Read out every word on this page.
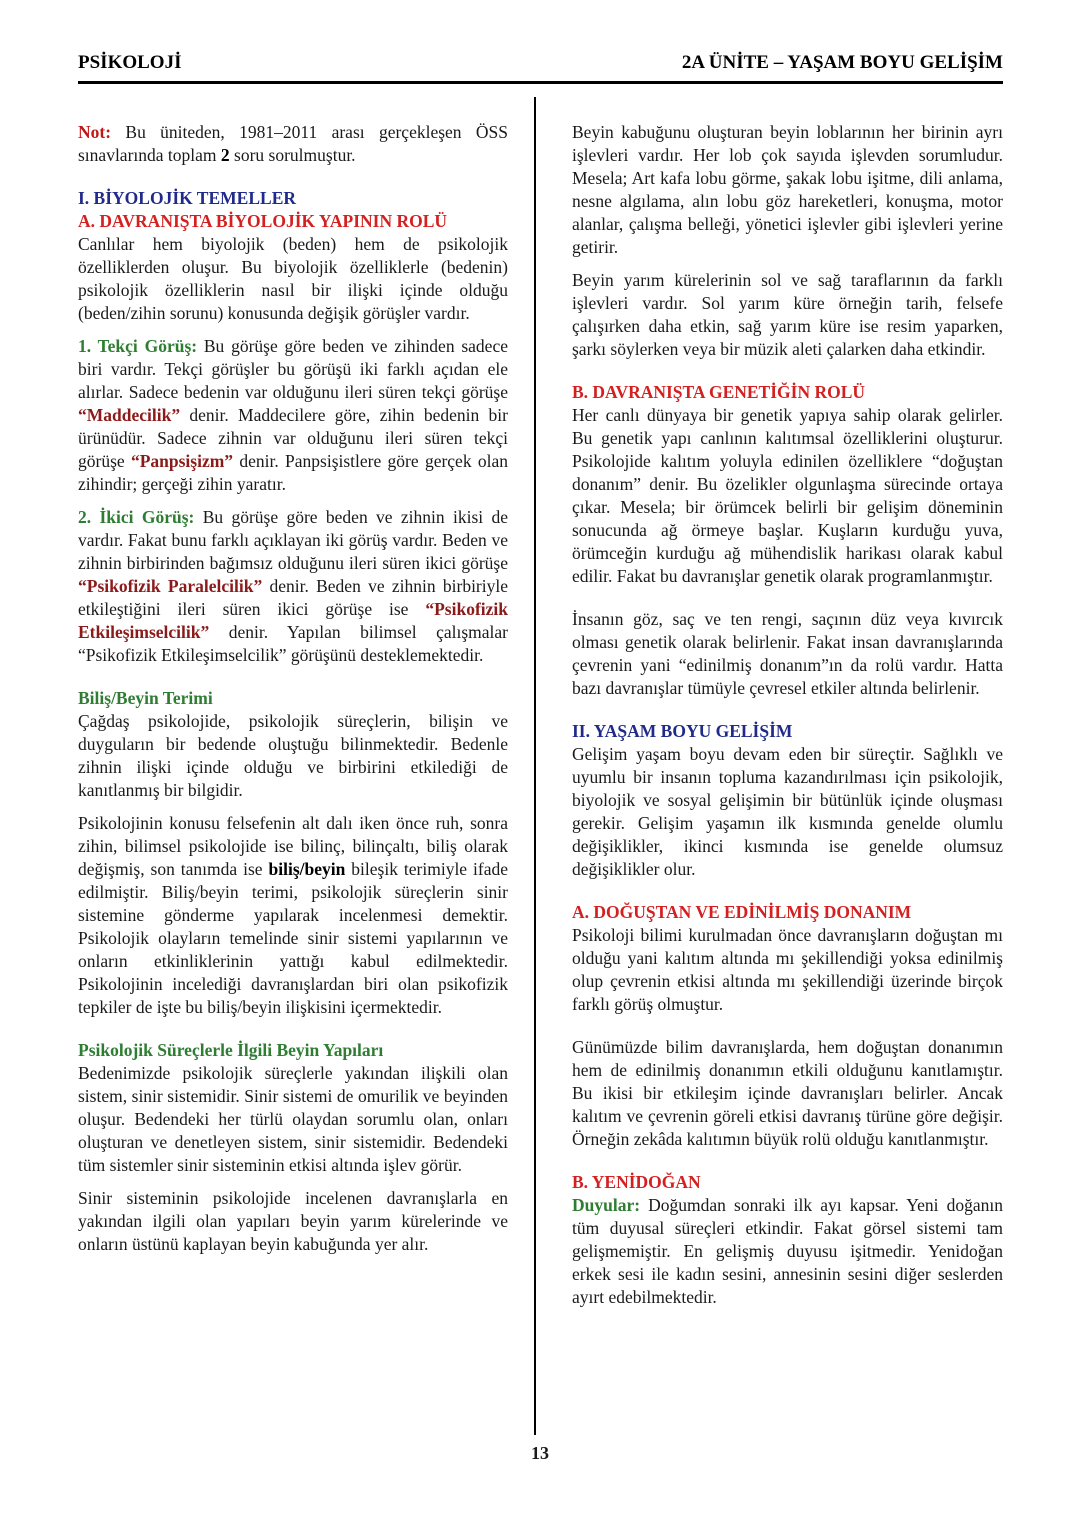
PSİKOLOJİ	2A ÜNİTE – YAŞAM BOYU GELİŞİM

Not: Bu üniteden, 1981–2011 arası gerçekleşen ÖSS sınavlarında toplam 2 soru sorulmuştur.

I. BİYOLOJİK TEMELLER
A. DAVRANIŞTA BİYOLOJİK YAPININ ROLÜ

Canlılar hem biyolojik (beden) hem de psikolojik özelliklerden oluşur. Bu biyolojik özelliklerle (bedenin) psikolojik özelliklerin nasıl bir ilişki içinde olduğu (beden/zihin sorunu) konusunda değişik görüşler vardır.

1. Tekçi Görüş: Bu görüşe göre beden ve zihinden sadece biri vardır. Tekçi görüşler bu görüşü iki farklı açıdan ele alırlar. Sadece bedenin var olduğunu ileri süren tekçi görüşe “Maddecilik” denir. Maddecilere göre, zihin bedenin bir ürünüdür. Sadece zihnin var olduğunu ileri süren tekçi görüşe “Panpsişizm” denir. Panpsişistlere göre gerçek olan zihindir; gerçeği zihin yaratır.

2. İkici Görüş: Bu görüşe göre beden ve zihnin ikisi de vardır. Fakat bunu farklı açıklayan iki görüş vardır. Beden ve zihnin birbirinden bağımsız olduğunu ileri süren ikici görüşe “Psikofizik Paralelcilik” denir. Beden ve zihnin birbiriyle etkileştiğini ileri süren ikici görüşe ise “Psikofizik Etkileşimselcilik” denir. Yapılan bilimsel çalışmalar “Psikofizik Etkileşimselcilik” görüşünü desteklemektedir.

Biliş/Beyin Terimi

Çağdaş psikolojide, psikolojik süreçlerin, bilişin ve duyguların bir bedende oluştuğu bilinmektedir. Bedenle zihnin ilişki içinde olduğu ve birbirini etkilediği de kanıtlanmış bir bilgidir.

Psikolojinin konusu felsefenin alt dalı iken önce ruh, sonra zihin, bilimsel psikolojide ise bilinç, bilinçaltı, biliş olarak değişmiş, son tanımda ise biliş/beyin bileşik terimiyle ifade edilmiştir. Biliş/beyin terimi, psikolojik süreçlerin sinir sistemine gönderme yapılarak incelenmesi demektir. Psikolojik olayların temelinde sinir sistemi yapılarının ve onların etkinliklerinin yattığı kabul edilmektedir. Psikolojinin incelediği davranışlardan biri olan psikofizik tepkiler de işte bu biliş/beyin ilişkisini içermektedir.

Psikolojik Süreçlerle İlgili Beyin Yapıları

Bedenimizde psikolojik süreçlerle yakından ilişkili olan sistem, sinir sistemidir. Sinir sistemi de omurilik ve beyinden oluşur. Bedendeki her türlü olaydan sorumlu olan, onları oluşturan ve denetleyen sistem, sinir sistemidir. Bedendeki tüm sistemler sinir sisteminin etkisi altında işlev görür.

Sinir sisteminin psikolojide incelenen davranışlarla en yakından ilgili olan yapıları beyin yarım kürelerinde ve onların üstünü kaplayan beyin kabuğunda yer alır.

Beyin kabuğunu oluşturan beyin loblarının her birinin ayrı işlevleri vardır. Her lob çok sayıda işlevden sorumludur. Mesela; Art kafa lobu görme, şakak lobu işitme, dili anlama, nesne algılama, alın lobu göz hareketleri, konuşma, motor alanlar, çalışma belleği, yönetici işlevler gibi işlevleri yerine getirir.

Beyin yarım kürelerinin sol ve sağ taraflarının da farklı işlevleri vardır. Sol yarım küre örneğin tarih, felsefe çalışırken daha etkin, sağ yarım küre ise resim yaparken, şarkı söylerken veya bir müzik aleti çalarken daha etkindir.

B. DAVRANIŞTA GENETİĞİN ROLÜ

Her canlı dünyaya bir genetik yapıya sahip olarak gelirler. Bu genetik yapı canlının kalıtımsal özelliklerini oluşturur. Psikolojide kalıtım yoluyla edinilen özelliklere “doğuştan donanım” denir. Bu özelikler olgunlaşma sürecinde ortaya çıkar. Mesela; bir örümcek belirli bir gelişim döneminin sonucunda ağ örmeye başlar. Kuşların kurduğu yuva, örümceğin kurduğu ağ mühendislik harikası olarak kabul edilir. Fakat bu davranışlar genetik olarak programlanmıştır.

İnsanın göz, saç ve ten rengi, saçının düz veya kıvırcık olması genetik olarak belirlenir. Fakat insan davranışlarında çevrenin yani “edinilmiş donanım”ın da rolü vardır. Hatta bazı davranışlar tümüyle çevresel etkiler altında belirlenir.

II. YAŞAM BOYU GELİŞİM

Gelişim yaşam boyu devam eden bir süreçtir. Sağlıklı ve uyumlu bir insanın topluma kazandırılması için psikolojik, biyolojik ve sosyal gelişimin bir bütünlük içinde oluşması gerekir. Gelişim yaşamın ilk kısmında genelde olumlu değişiklikler, ikinci kısmında ise genelde olumsuz değişiklikler olur.

A. DOĞUŞTAN VE EDİNİLMİŞ DONANIM

Psikoloji bilimi kurulmadan önce davranışların doğuştan mı olduğu yani kalıtım altında mı şekillendiği yoksa edinilmiş olup çevrenin etkisi altında mı şekillendiği üzerinde birçok farklı görüş olmuştur.

Günümüzde bilim davranışlarda, hem doğuştan donanımın hem de edinilmiş donanımın etkili olduğunu kanıtlamıştır. Bu ikisi bir etkileşim içinde davranışları belirler. Ancak kalıtım ve çevrenin göreli etkisi davranış türüne göre değişir. Örneğin zekâda kalıtımın büyük rolü olduğu kanıtlanmıştır.

B. YENİDOĞAN

Duyular: Doğumdan sonraki ilk ayı kapsar. Yeni doğanın tüm duyusal süreçleri etkindir. Fakat görsel sistemi tam gelişmemiştir. En gelişmiş duyusu işitmedir. Yenidoğan erkek sesi ile kadın sesini, annesinin sesini diğer seslerden ayırt edebilmektedir.

13
